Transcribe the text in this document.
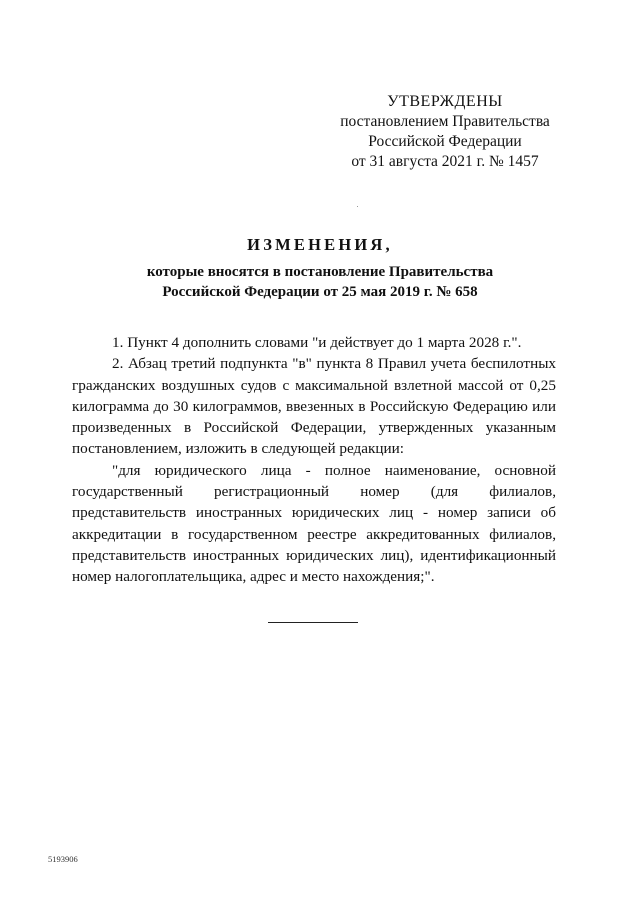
УТВЕРЖДЕНЫ
постановлением Правительства
Российской Федерации
от 31 августа 2021 г. № 1457
ИЗМЕНЕНИЯ,
которые вносятся в постановление Правительства
Российской Федерации от 25 мая 2019 г. № 658

1. Пункт 4 дополнить словами "и действует до 1 марта 2028 г.".

2. Абзац третий подпункта "в" пункта 8 Правил учета беспилотных гражданских воздушных судов с максимальной взлетной массой от 0,25 килограмма до 30 килограммов, ввезенных в Российскую Федерацию или произведенных в Российской Федерации, утвержденных указанным постановлением, изложить в следующей редакции:

"для юридического лица - полное наименование, основной государственный регистрационный номер (для филиалов, представительств иностранных юридических лиц - номер записи об аккредитации в государственном реестре аккредитованных филиалов, представительств иностранных юридических лиц), идентификационный номер налогоплательщика, адрес и место нахождения;".

5193906
